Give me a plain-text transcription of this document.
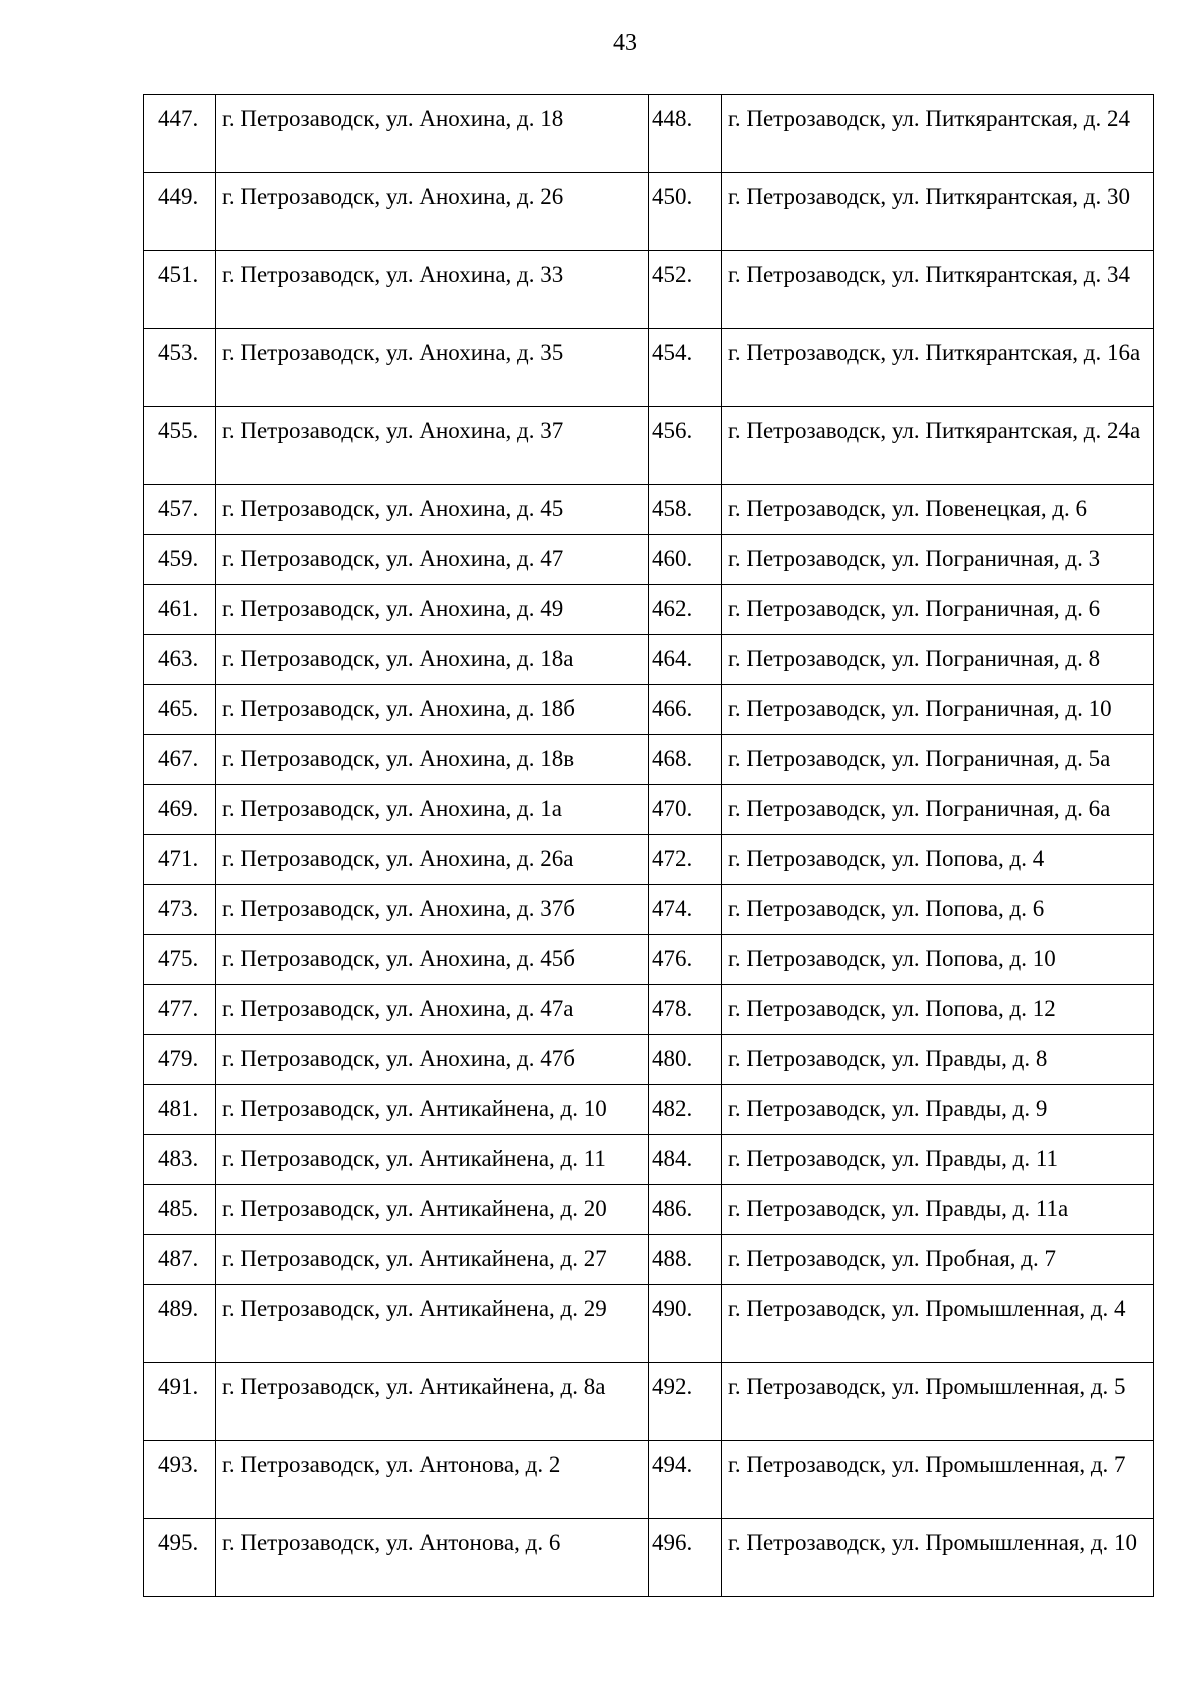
43
447.	г. Петрозаводск, ул. Анохина, д. 18	448.	г. Петрозаводск, ул. Питкярантская, д. 24
449.	г. Петрозаводск, ул. Анохина, д. 26	450.	г. Петрозаводск, ул. Питкярантская, д. 30
451.	г. Петрозаводск, ул. Анохина, д. 33	452.	г. Петрозаводск, ул. Питкярантская, д. 34
453.	г. Петрозаводск, ул. Анохина, д. 35	454.	г. Петрозаводск, ул. Питкярантская, д. 16а
455.	г. Петрозаводск, ул. Анохина, д. 37	456.	г. Петрозаводск, ул. Питкярантская, д. 24а
457.	г. Петрозаводск, ул. Анохина, д. 45	458.	г. Петрозаводск, ул. Повенецкая, д. 6
459.	г. Петрозаводск, ул. Анохина, д. 47	460.	г. Петрозаводск, ул. Пограничная, д. 3
461.	г. Петрозаводск, ул. Анохина, д. 49	462.	г. Петрозаводск, ул. Пограничная, д. 6
463.	г. Петрозаводск, ул. Анохина, д. 18а	464.	г. Петрозаводск, ул. Пограничная, д. 8
465.	г. Петрозаводск, ул. Анохина, д. 18б	466.	г. Петрозаводск, ул. Пограничная, д. 10
467.	г. Петрозаводск, ул. Анохина, д. 18в	468.	г. Петрозаводск, ул. Пограничная, д. 5а
469.	г. Петрозаводск, ул. Анохина, д. 1а	470.	г. Петрозаводск, ул. Пограничная, д. 6а
471.	г. Петрозаводск, ул. Анохина, д. 26а	472.	г. Петрозаводск, ул. Попова, д. 4
473.	г. Петрозаводск, ул. Анохина, д. 37б	474.	г. Петрозаводск, ул. Попова, д. 6
475.	г. Петрозаводск, ул. Анохина, д. 45б	476.	г. Петрозаводск, ул. Попова, д. 10
477.	г. Петрозаводск, ул. Анохина, д. 47а	478.	г. Петрозаводск, ул. Попова, д. 12
479.	г. Петрозаводск, ул. Анохина, д. 47б	480.	г. Петрозаводск, ул. Правды, д. 8
481.	г. Петрозаводск, ул. Антикайнена, д. 10	482.	г. Петрозаводск, ул. Правды, д. 9
483.	г. Петрозаводск, ул. Антикайнена, д. 11	484.	г. Петрозаводск, ул. Правды, д. 11
485.	г. Петрозаводск, ул. Антикайнена, д. 20	486.	г. Петрозаводск, ул. Правды, д. 11а
487.	г. Петрозаводск, ул. Антикайнена, д. 27	488.	г. Петрозаводск, ул. Пробная, д. 7
489.	г. Петрозаводск, ул. Антикайнена, д. 29	490.	г. Петрозаводск, ул. Промышленная, д. 4
491.	г. Петрозаводск, ул. Антикайнена, д. 8а	492.	г. Петрозаводск, ул. Промышленная, д. 5
493.	г. Петрозаводск, ул. Антонова, д. 2	494.	г. Петрозаводск, ул. Промышленная, д. 7
495.	г. Петрозаводск, ул. Антонова, д. 6	496.	г. Петрозаводск, ул. Промышленная, д. 10
